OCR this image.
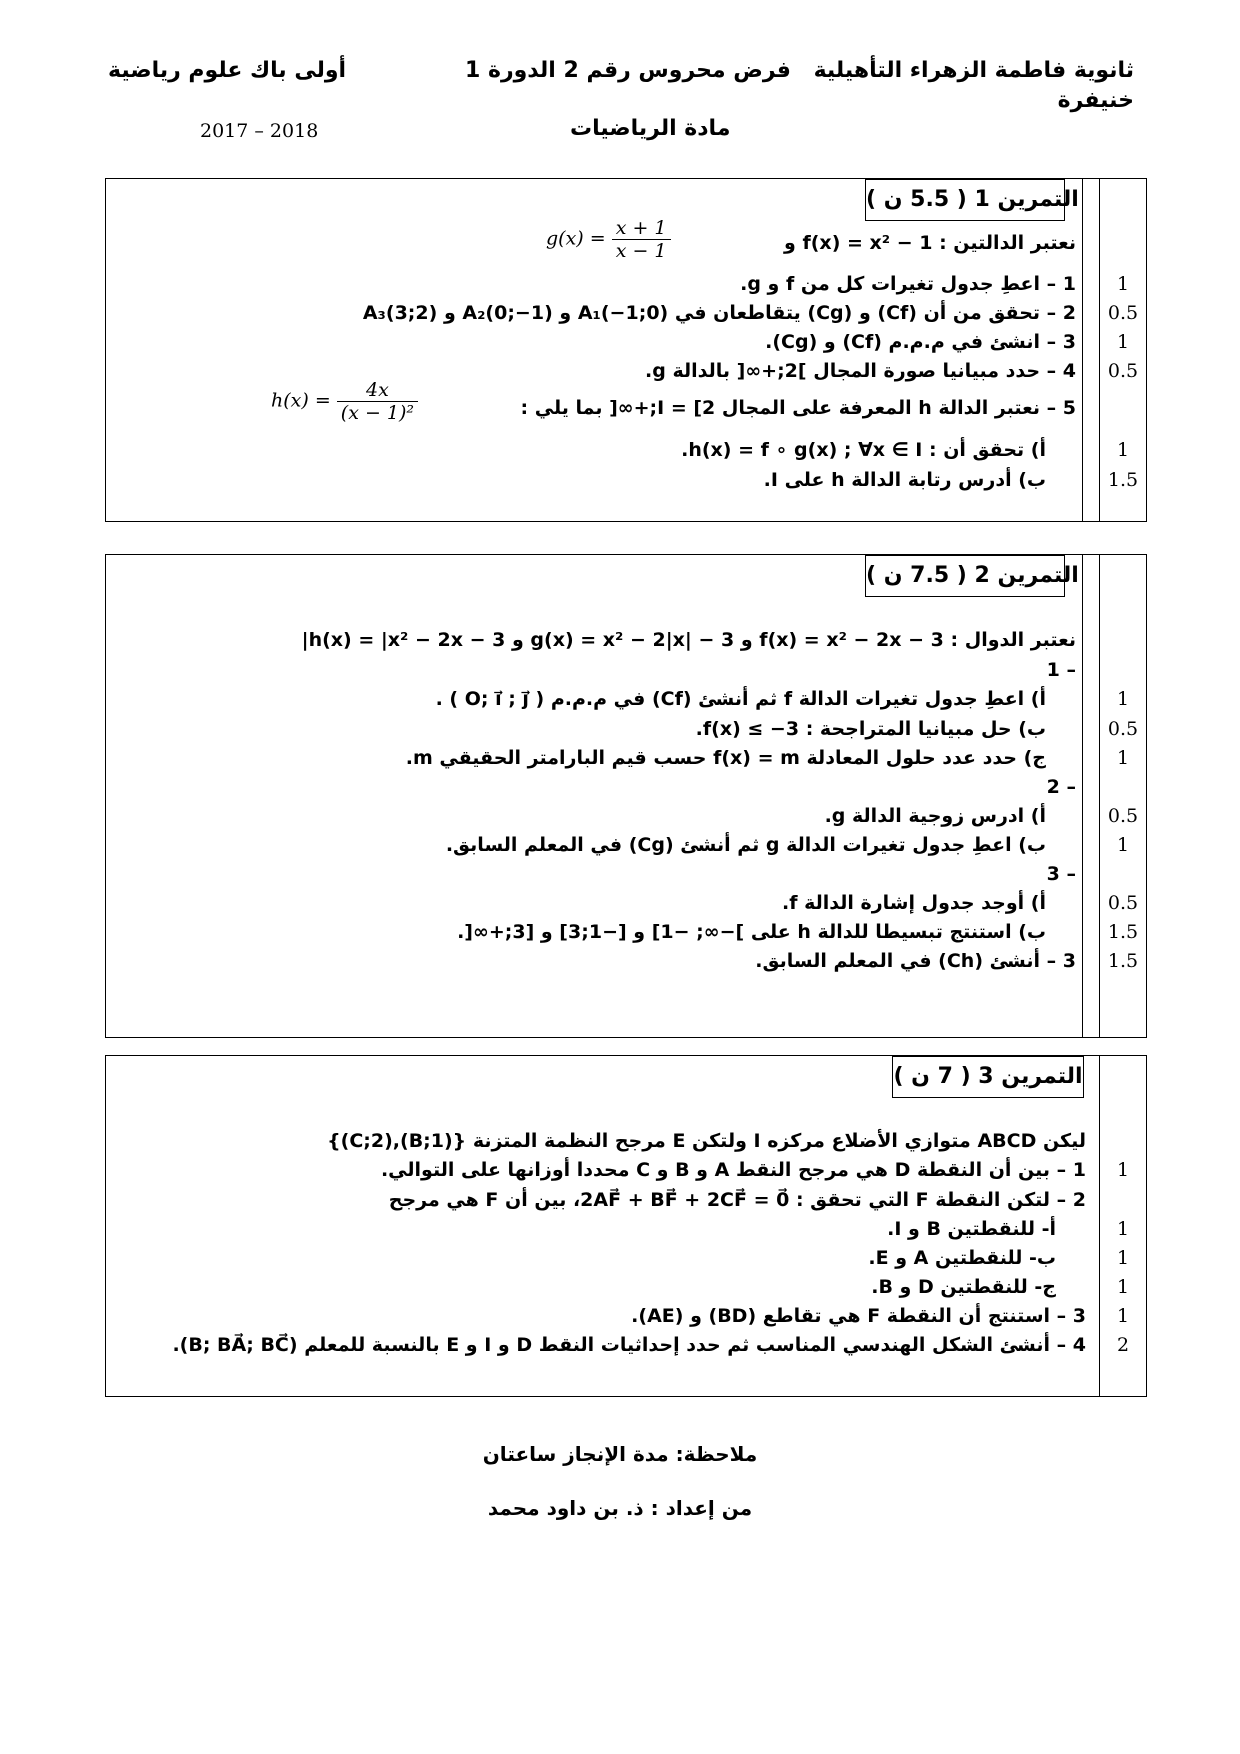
ثانوية فاطمة الزهراء التأهيلية
خنيفرة
فرض محروس رقم 2 الدورة 1
مادة الرياضيات
أولى باك علوم رياضية
2017 – 2018
التمرين 1 ( 5.5 ن )
نعتبر الدالتين : f(x) = x² − 1 و
$g(x) = \frac{x + 1}{x - 1}$
1 – اعطِ جدول تغيرات كل من f و g.	1
2 – تحقق من أن (Cf) و (Cg) يتقاطعان في (0;1−)A₁ و (1−;0)A₂ و (2;3)A₃	0.5
3 – انشئ في م.م.م (Cf) و (Cg).	1
4 – حدد مبيانيا صورة المجال ]2;+∞[ بالدالة g.	0.5
5 – نعتبر الدالة h المعرفة على المجال I = [2;+∞[ بما يلي :
$h(x) = \frac{4x}{\text{(x − 1)²}}$
أ) تحقق أن : h(x) = f ∘ g(x) ; ∀x ∈ I.	1
ب) أدرس رتابة الدالة h على I.	1.5
التمرين 2 ( 7.5 ن )
نعتبر الدوال : f(x) = x² − 2x − 3 و g(x) = x² − 2|x| − 3 و h(x) = |x² − 2x − 3|
1 –
أ) اعطِ جدول تغيرات الدالة f ثم أنشئ (Cf) في م.م.م ( O; i⃗ ; j⃗ ) .	1
ب) حل مبيانيا المتراجحة : f(x) ≤ −3.	0.5
ج) حدد عدد حلول المعادلة f(x) = m حسب قيم البارامتر الحقيقي m.	1
2 –
أ) ادرس زوجية الدالة g.	0.5
ب) اعطِ جدول تغيرات الدالة g ثم أنشئ (Cg) في المعلم السابق.	1
3 –
أ) أوجد جدول إشارة الدالة f.	0.5
ب) استنتج تبسيطا للدالة h على ]−∞; −1] و [−1;3] و [3;+∞[.	1.5
3 – أنشئ (Ch) في المعلم السابق.	1.5
التمرين 3 ( 7 ن )
ليكن ABCD متوازي الأضلاع مركزه I ولتكن E مرجح النظمة المتزنة {(B;1),(C;2)}
1 – بين أن النقطة D هي مرجح النقط A و B و C محددا أوزانها على التوالي.	1
2 – لتكن النقطة F التي تحقق : 2AF⃗ + BF⃗ + 2CF⃗ = 0⃗، بين أن F هي مرجح
أ- للنقطتين B و I.	1
ب- للنقطتين A و E.	1
ج- للنقطتين D و B.	1
3 – استنتج أن النقطة F هي تقاطع (BD) و (AE).	1
4 – أنشئ الشكل الهندسي المناسب ثم حدد إحداثيات النقط D و I و E بالنسبة للمعلم (B; BA⃗; BC⃗).	2
ملاحظة: مدة الإنجاز ساعتان
من إعداد : ذ. بن داود محمد
